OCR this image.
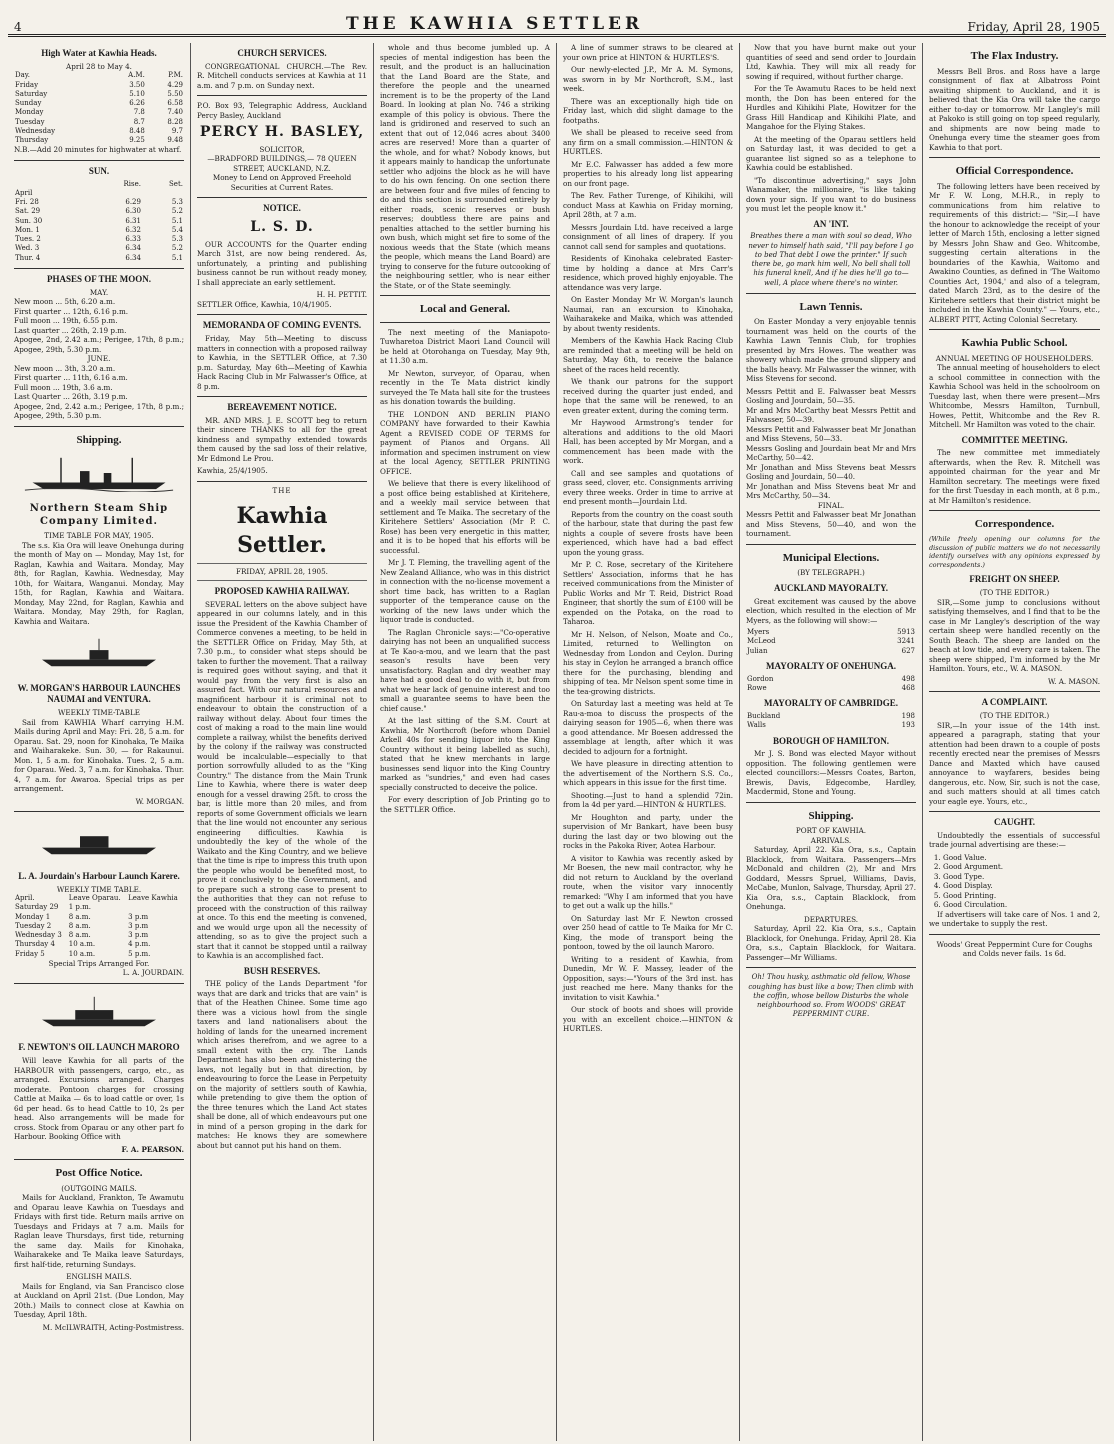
4	THE KAWHIA SETTLER	Friday, April 28, 1905
High Water at Kawhia Heads.
April 28 to May 4.
Day.	A.M.	P.M.
Friday	3.50	4.29
Saturday	5.10	5.50
Sunday	6.26	6.58
Monday	7.8	7.40
Tuesday	8.7	8.28
Wednesday	8.48	9.7
Thursday	9.25	9.48
N.B.—Add 20 minutes for highwater at wharf.
SUN.
	Rise.	Set.
April		
Fri. 28	6.29	5.3
Sat. 29	6.30	5.2
Sun. 30	6.31	5.1
Mon. 1	6.32	5.4
Tues. 2	6.33	5.3
Wed. 3	6.34	5.2
Thur. 4	6.34	5.1
PHASES OF THE MOON.
MAY.
New moon ... 5th, 6.20 a.m.
First quarter ... 12th, 6.16 p.m.
Full moon ... 19th, 6.55 p.m.
Last quarter ... 26th, 2.19 p.m.
Apogee, 2nd, 2.42 a.m.; Perigee, 17th, 8 p.m.; Apogee, 29th, 5.30 p.m.
JUNE.
New moon ... 3th, 3.20 a.m.
First quarter ... 11th, 6.16 a.m.
Full moon ... 19th, 3.6 a.m.
Last Quarter ... 26th, 3.19 p.m.
Apogee, 2nd, 2.42 a.m.; Perigee, 17th, 8 p.m.; Apogee, 29th, 5.30 p.m.
Shipping.
Northern Steam Ship Company Limited.
TIME TABLE FOR MAY, 1905.

The s.s. Kia Ora will leave Onehunga during the month of May on — Monday, May 1st, for Raglan, Kawhia and Waitara. Monday, May 8th, for Raglan, Kawhia. Wednesday, May 10th, for Waitara, Wanganui. Monday, May 15th, for Raglan, Kawhia and Waitara. Monday, May 22nd, for Raglan, Kawhia and Waitara. Monday, May 29th, for Raglan, Kawhia and Waitara.

W. MORGAN'S HARBOUR LAUNCHES NAUMAI and VENTURA.
WEEKLY TIME-TABLE

Sail from KAWHIA Wharf carrying H.M. Mails during April and May: Fri. 28, 5 a.m. for Oparau. Sat. 29, noon for Kinohaka, Te Maika and Waiharakeke. Sun. 30, — for Rakaunui. Mon. 1, 5 a.m. for Kinohaka. Tues. 2, 5 a.m. for Oparau. Wed. 3, 7 a.m. for Kinohaka. Thur. 4, 7 a.m. for Awaroa. Special trips as per arrangement.

W. MORGAN.
L. A. Jourdain's Harbour Launch Karere.
WEEKLY TIME TABLE.
April.	Leave Oparau.	Leave Kawhia
Saturday 29	1 p.m.	
Monday 1	8 a.m.	3 p.m
Tuesday 2	8 a.m.	3 p.m
Wednesday 3	8 a.m.	3 p.m
Thursday 4	10 a.m.	4 p.m.
Friday 5	10 a.m.	5 p.m.
Special Trips Arranged For.
L. A. JOURDAIN.
F. NEWTON'S OIL LAUNCH MARORO

Will leave Kawhia for all parts of the HARBOUR with passengers, cargo, etc., as arranged. Excursions arranged. Charges moderate. Pontoon charges for crossing Cattle at Maika — 6s to load cattle or over, 1s 6d per head. 6s to head Cattle to 10, 2s per head. Also arrangements will be made for cross. Stock from Oparau or any other part fo Harbour. Booking Office with

F. A. PEARSON.
Post Office Notice.
(OUTGOING MAILS.

Mails for Auckland, Frankton, Te Awamutu and Oparau leave Kawhia on Tuesdays and Fridays with first tide. Return mails arrive on Tuesdays and Fridays at 7 a.m. Mails for Raglan leave Thursdays, first tide, returning the same day. Mails for Kinohaka, Waiharakeke and Te Maika leave Saturdays, first half-tide, returning Sundays.

ENGLISH MAILS.

Mails for England, via San Francisco close at Auckland on April 21st. (Due London, May 20th.) Mails to connect close at Kawhia on Tuesday, April 18th.

M. McILWRAITH, Acting-Postmistress.
CHURCH SERVICES.

CONGREGATIONAL CHURCH.—The Rev. R. Mitchell conducts services at Kawhia at 11 a.m. and 7 p.m. on Sunday next.

P.O. Box 93, Telegraphic Address, Auckland Percy Basley, Auckland
PERCY H. BASLEY,
SOLICITOR,
—BRADFORD BUILDINGS,— 78 QUEEN STREET, AUCKLAND, N.Z.
Money to Lend on Approved Freehold Securities at Current Rates.
NOTICE.
L. S. D.

OUR ACCOUNTS for the Quarter ending March 31st, are now being rendered. As, unfortunately, a printing and publishing business cannot be run without ready money, I shall appreciate an early settlement.

H. H. PETTIT.
SETTLER Office, Kawhia, 10/4/1905.
MEMORANDA OF COMING EVENTS.

Friday, May 5th—Meeting to discuss matters in connection with a proposed railway to Kawhia, in the SETTLER Office, at 7.30 p.m. Saturday, May 6th—Meeting of Kawhia Hack Racing Club in Mr Falwasser's Office, at 8 p.m.

BEREAVEMENT NOTICE.

MR. AND MRS. J. E. SCOTT beg to return their sincere THANKS to all for the great kindness and sympathy extended towards them caused by the sad loss of their relative, Mr Edmond Le Prou.

Kawhia, 25/4/1905.
THE
Kawhia Settler.
FRIDAY, APRIL 28, 1905.
PROPOSED KAWHIA RAILWAY.

SEVERAL letters on the above subject have appeared in our columns lately, and in this issue the President of the Kawhia Chamber of Commerce convenes a meeting, to be held in the SETTLER Office on Friday, May 5th, at 7.30 p.m., to consider what steps should be taken to further the movement. That a railway is required goes without saying, and that it would pay from the very first is also an assured fact. With our natural resources and magnificent harbour it is criminal not to endeavour to obtain the construction of a railway without delay. About four times the cost of making a road to the main line would complete a railway, whilst the benefits derived by the colony if the railway was constructed would be incalculable—especially to that portion sorrowfully alluded to as the "King Country." The distance from the Main Trunk Line to Kawhia, where there is water deep enough for a vessel drawing 25ft. to cross the bar, is little more than 20 miles, and from reports of some Government officials we learn that the line would not encounter any serious engineering difficulties. Kawhia is undoubtedly the key of the whole of the Waikato and the King Country, and we believe that the time is ripe to impress this truth upon the people who would be benefited most, to prove it conclusively to the Government, and to prepare such a strong case to present to the authorities that they can not refuse to proceed with the construction of this railway at once. To this end the meeting is convened, and we would urge upon all the necessity of attending, so as to give the project such a start that it cannot be stopped until a railway to Kawhia is an accomplished fact.

BUSH RESERVES.

THE policy of the Lands Department "for ways that are dark and tricks that are vain" is that of the Heathen Chinee. Some time ago there was a vicious howl from the single taxers and land nationalisers about the holding of lands for the unearned increment which arises therefrom, and we agree to a small extent with the cry. The Lands Department has also been administering the laws, not legally but in that direction, by endeavouring to force the Lease in Perpetuity on the majority of settlers south of Kawhia, while pretending to give them the option of the three tenures which the Land Act states shall be done, all of which endeavours put one in mind of a person groping in the dark for matches: He knows they are somewhere about but cannot put his hand on them.

whole and thus become jumbled up. A species of mental indigestion has been the result, and the product is an hallucination that the Land Board are the State, and therefore the people and the unearned increment is to be the property of the Land Board. In looking at plan No. 746 a striking example of this policy is obvious. There the land is gridironed and reserved to such an extent that out of 12,046 acres about 3400 acres are reserved! More than a quarter of the whole, and for what? Nobody knows, but it appears mainly to handicap the unfortunate settler who adjoins the block as he will have to do his own fencing. On one section there are between four and five miles of fencing to do and this section is surrounded entirely by either roads, scenic reserves or bush reserves; doubtless there are pains and penalties attached to the settler burning his own bush, which might set fire to some of the noxious weeds that the State (which means the people, which means the Land Board) are trying to conserve for the future outcooking of the neighbouring settler, who is near either the State, or of the State seemingly.

Local and General.

The next meeting of the Maniapoto-Tuwharetoa District Maori Land Council will be held at Otorohanga on Tuesday, May 9th, at 11.30 a.m.

Mr Newton, surveyor, of Oparau, when recently in the Te Mata district kindly surveyed the Te Mata hall site for the trustees as his donation towards the building.

THE LONDON AND BERLIN PIANO COMPANY have forwarded to their Kawhia Agent a REVISED CODE OF TERMS for payment of Pianos and Organs. All information and specimen instrument on view at the local Agency, SETTLER PRINTING OFFICE.

We believe that there is every likelihood of a post office being established at Kiritehere, and a weekly mail service between that settlement and Te Maika. The secretary of the Kiritehere Settlers' Association (Mr P. C. Rose) has been very energetic in this matter, and it is to be hoped that his efforts will be successful.

Mr J. T. Fleming, the travelling agent of the New Zealand Alliance, who was in this district in connection with the no-license movement a short time back, has written to a Raglan supporter of the temperance cause on the working of the new laws under which the liquor trade is conducted.

The Raglan Chronicle says:—"Co-operative dairying has not been an unqualified success at Te Kao-a-mou, and we learn that the past season's results have been very unsatisfactory. Raglan and dry weather may have had a good deal to do with it, but from what we hear lack of genuine interest and too small a guarantee seems to have been the chief cause."

At the last sitting of the S.M. Court at Kawhia, Mr Northcroft (before whom Daniel Arkell 40s for sending liquor into the King Country without it being labelled as such), stated that he knew merchants in large businesses send liquor into the King Country marked as "sundries," and even had cases specially constructed to deceive the police.

For every description of Job Printing go to the SETTLER Office.

A line of summer straws to be cleared at your own price at HINTON & HURTLES'S.

Our newly-elected J.P., Mr A. M. Symons, was sworn in by Mr Northcroft, S.M., last week.

There was an exceptionally high tide on Friday last, which did slight damage to the footpaths.

We shall be pleased to receive seed from any firm on a small commission.—HINTON & HURTLES.

Mr E.C. Falwasser has added a few more properties to his already long list appearing on our front page.

The Rev. Father Turenge, of Kihikihi, will conduct Mass at Kawhia on Friday morning, April 28th, at 7 a.m.

Messrs Jourdain Ltd. have received a large consignment of all lines of drapery. If you cannot call send for samples and quotations.

Residents of Kinohaka celebrated Easter-time by holding a dance at Mrs Carr's residence, which proved highly enjoyable. The attendance was very large.

On Easter Monday Mr W. Morgan's launch Naumai, ran an excursion to Kinohaka, Waiharakeke and Maika, which was attended by about twenty residents.

Members of the Kawhia Hack Racing Club are reminded that a meeting will be held on Saturday, May 6th, to receive the balance sheet of the races held recently.

We thank our patrons for the support received during the quarter just ended, and hope that the same will be renewed, to an even greater extent, during the coming term.

Mr Haywood Armstrong's tender for alterations and additions to the old Maori Hall, has been accepted by Mr Morgan, and a commencement has been made with the work.

Call and see samples and quotations of grass seed, clover, etc. Consignments arriving every three weeks. Order in time to arrive at end present month—Jourdain Ltd.

Reports from the country on the coast south of the harbour, state that during the past few nights a couple of severe frosts have been experienced, which have had a bad effect upon the young grass.

Mr P. C. Rose, secretary of the Kiritehere Settlers' Association, informs that he has received communications from the Minister of Public Works and Mr T. Reid, District Road Engineer, that shortly the sum of £100 will be expended on the Potaka, on the road to Taharoa.

Mr H. Nelson, of Nelson, Moate and Co., Limited, returned to Wellington on Wednesday from London and Ceylon. During his stay in Ceylon he arranged a branch office there for the purchasing, blending and shipping of tea. Mr Nelson spent some time in the tea-growing districts.

On Saturday last a meeting was held at Te Rau-a-moa to discuss the prospects of the dairying season for 1905—6, when there was a good attendance. Mr Boesen addressed the assemblage at length, after which it was decided to adjourn for a fortnight.

We have pleasure in directing attention to the advertisement of the Northern S.S. Co., which appears in this issue for the first time.

Shooting.—Just to hand a splendid 72in. from la 4d per yard.—HINTON & HURTLES.

Mr Houghton and party, under the supervision of Mr Bankart, have been busy during the last day or two blowing out the rocks in the Pakoka River, Aotea Harbour.

A visitor to Kawhia was recently asked by Mr Boesen, the new mail contractor, why he did not return to Auckland by the overland route, when the visitor vary innocently remarked: "Why I am informed that you have to get out a walk up the hills."

On Saturday last Mr F. Newton crossed over 250 head of cattle to Te Maika for Mr C. King, the mode of transport being the pontoon, towed by the oil launch Maroro.

Writing to a resident of Kawhia, from Dunedin, Mr W. F. Massey, leader of the Opposition, says:—"Yours of the 3rd inst. has just reached me here. Many thanks for the invitation to visit Kawhia."

Our stock of boots and shoes will provide you with an excellent choice.—HINTON & HURTLES.

Now that you have burnt make out your quantities of seed and send order to Jourdain Ltd, Kawhia. They will mix all ready for sowing if required, without further charge.

For the Te Awamutu Races to be held next month, the Don has been entered for the Hurdles and Kihikihi Plate, Howitzer for the Grass Hill Handicap and Kihikihi Plate, and Mangahoe for the Flying Stakes.

At the meeting of the Oparau settlers held on Saturday last, it was decided to get a guarantee list signed so as a telephone to Kawhia could be established.

"To discontinue advertising," says John Wanamaker, the millionaire, "is like taking down your sign. If you want to do business you must let the people know it."

AN 'INT.
Breathes there a man with soul so dead, Who never to himself hath said, "I'll pay before I go to bed That debt I owe the printer." If such there be, go mark him well, No bell shall toll his funeral knell, And if he dies he'll go to—well, A place where there's no winter.
Lawn Tennis.

On Easter Monday a very enjoyable tennis tournament was held on the courts of the Kawhia Lawn Tennis Club, for trophies presented by Mrs Howes. The weather was showery which made the ground slippery and the balls heavy. Mr Falwasser the winner, with Miss Stevens for second.

Messrs Pettit and E. Falwasser beat Messrs Gosling and Jourdain, 50—35.
Mr and Mrs McCarthy beat Messrs Pettit and Falwasser, 50—39.
Messrs Pettit and Falwasser beat Mr Jonathan and Miss Stevens, 50—33.
Messrs Gosling and Jourdain beat Mr and Mrs McCarthy, 50—42.
Mr Jonathan and Miss Stevens beat Messrs Gosling and Jourdain, 50—40.
Mr Jonathan and Miss Stevens beat Mr and Mrs McCarthy, 50—34.
FINAL.
Messrs Pettit and Falwasser beat Mr Jonathan and Miss Stevens, 50—40, and won the tournament.
Municipal Elections.
(BY TELEGRAPH.)
AUCKLAND MAYORALTY.

Great excitement was caused by the above election, which resulted in the election of Mr Myers, as the following will show:—

Myers	5913
McLeod	3241
Julian	627
MAYORALTY OF ONEHUNGA.
Gordon	498
Rowe	468
MAYORALTY OF CAMBRIDGE.
Buckland	198
Walls	193
BOROUGH OF HAMILTON.

Mr J. S. Bond was elected Mayor without opposition. The following gentlemen were elected councillors:—Messrs Coates, Barton, Brewis, Davis, Edgecombe, Hardley, Macdermid, Stone and Young.

Shipping.
PORT OF KAWHIA.
ARRIVALS.

Saturday, April 22. Kia Ora, s.s., Captain Blacklock, from Waitara. Passengers—Mrs McDonald and children (2), Mr and Mrs Goddard, Messrs Spruel, Williams, Davis, McCabe, Munlon, Salvage, Thursday, April 27. Kia Ora, s.s., Captain Blacklock, from Onehunga.

DEPARTURES.

Saturday, April 22. Kia Ora, s.s., Captain Blacklock, for Onehunga. Friday, April 28. Kia Ora, s.s., Captain Blacklock, for Waitara. Passenger—Mr Williams.

Oh! Thou husky, asthmatic old fellow, Whose coughing has bust like a bow; Then climb with the coffin, whose bellow Disturbs the whole neighbourhood so. From WOODS' GREAT PEPPERMINT CURE.
The Flax Industry.

Messrs Bell Bros. and Ross have a large consignment of flax at Albatross Point awaiting shipment to Auckland, and it is believed that the Kia Ora will take the cargo either to-day or tomorrow. Mr Langley's mill at Pakoko is still going on top speed regularly, and shipments are now being made to Onehunga every time the steamer goes from Kawhia to that port.

Official Correspondence.

The following letters have been received by Mr F. W. Long, M.H.R., in reply to communications from him relative to requirements of this district:— "Sir,—I have the honour to acknowledge the receipt of your letter of March 15th, enclosing a letter signed by Messrs John Shaw and Geo. Whitcombe, suggesting certain alterations in the boundaries of the Kawhia, Waitomo and Awakino Counties, as defined in 'The Waitomo Counties Act, 1904,' and also of a telegram, dated March 23rd, as to the desire of the Kiritehere settlers that their district might be included in the Kawhia County." — Yours, etc., ALBERT PITT, Acting Colonial Secretary.

Kawhia Public School.
ANNUAL MEETING OF HOUSEHOLDERS.

The annual meeting of householders to elect a school committee in connection with the Kawhia School was held in the schoolroom on Tuesday last, when there were present—Mrs Whitcombe, Messrs Hamilton, Turnbull, Howes, Pettit, Whitcombe and the Rev R. Mitchell. Mr Hamilton was voted to the chair.

COMMITTEE MEETING.

The new committee met immediately afterwards, when the Rev. R. Mitchell was appointed chairman for the year and Mr Hamilton secretary. The meetings were fixed for the first Tuesday in each month, at 8 p.m., at Mr Hamilton's residence.

Correspondence.
(While freely opening our columns for the discussion of public matters we do not necessarily identify ourselves with any opinions expressed by correspondents.)
FREIGHT ON SHEEP.
(TO THE EDITOR.)

SIR,—Some jump to conclusions without satisfying themselves, and I find that to be the case in Mr Langley's description of the way certain sheep were handled recently on the South Beach. The sheep are landed on the beach at low tide, and every care is taken. The sheep were shipped, I'm informed by the Mr Hamilton. Yours, etc., W. A. MASON.

W. A. MASON.
A COMPLAINT.
(TO THE EDITOR.)

SIR,—In your issue of the 14th inst. appeared a paragraph, stating that your attention had been drawn to a couple of posts recently erected near the premises of Messrs Dance and Maxted which have caused annoyance to wayfarers, besides being dangerous, etc. Now, Sir, such is not the case, and such matters should at all times catch your eagle eye. Yours, etc.,

CAUGHT.

Undoubtedly the essentials of successful trade journal advertising are these:—

1. Good Value.
2. Good Argument.
3. Good Type.
4. Good Display.
5. Good Printing.
6. Good Circulation.

If advertisers will take care of Nos. 1 and 2, we undertake to supply the rest.

Woods' Great Peppermint Cure for Coughs and Colds never fails. 1s 6d.
